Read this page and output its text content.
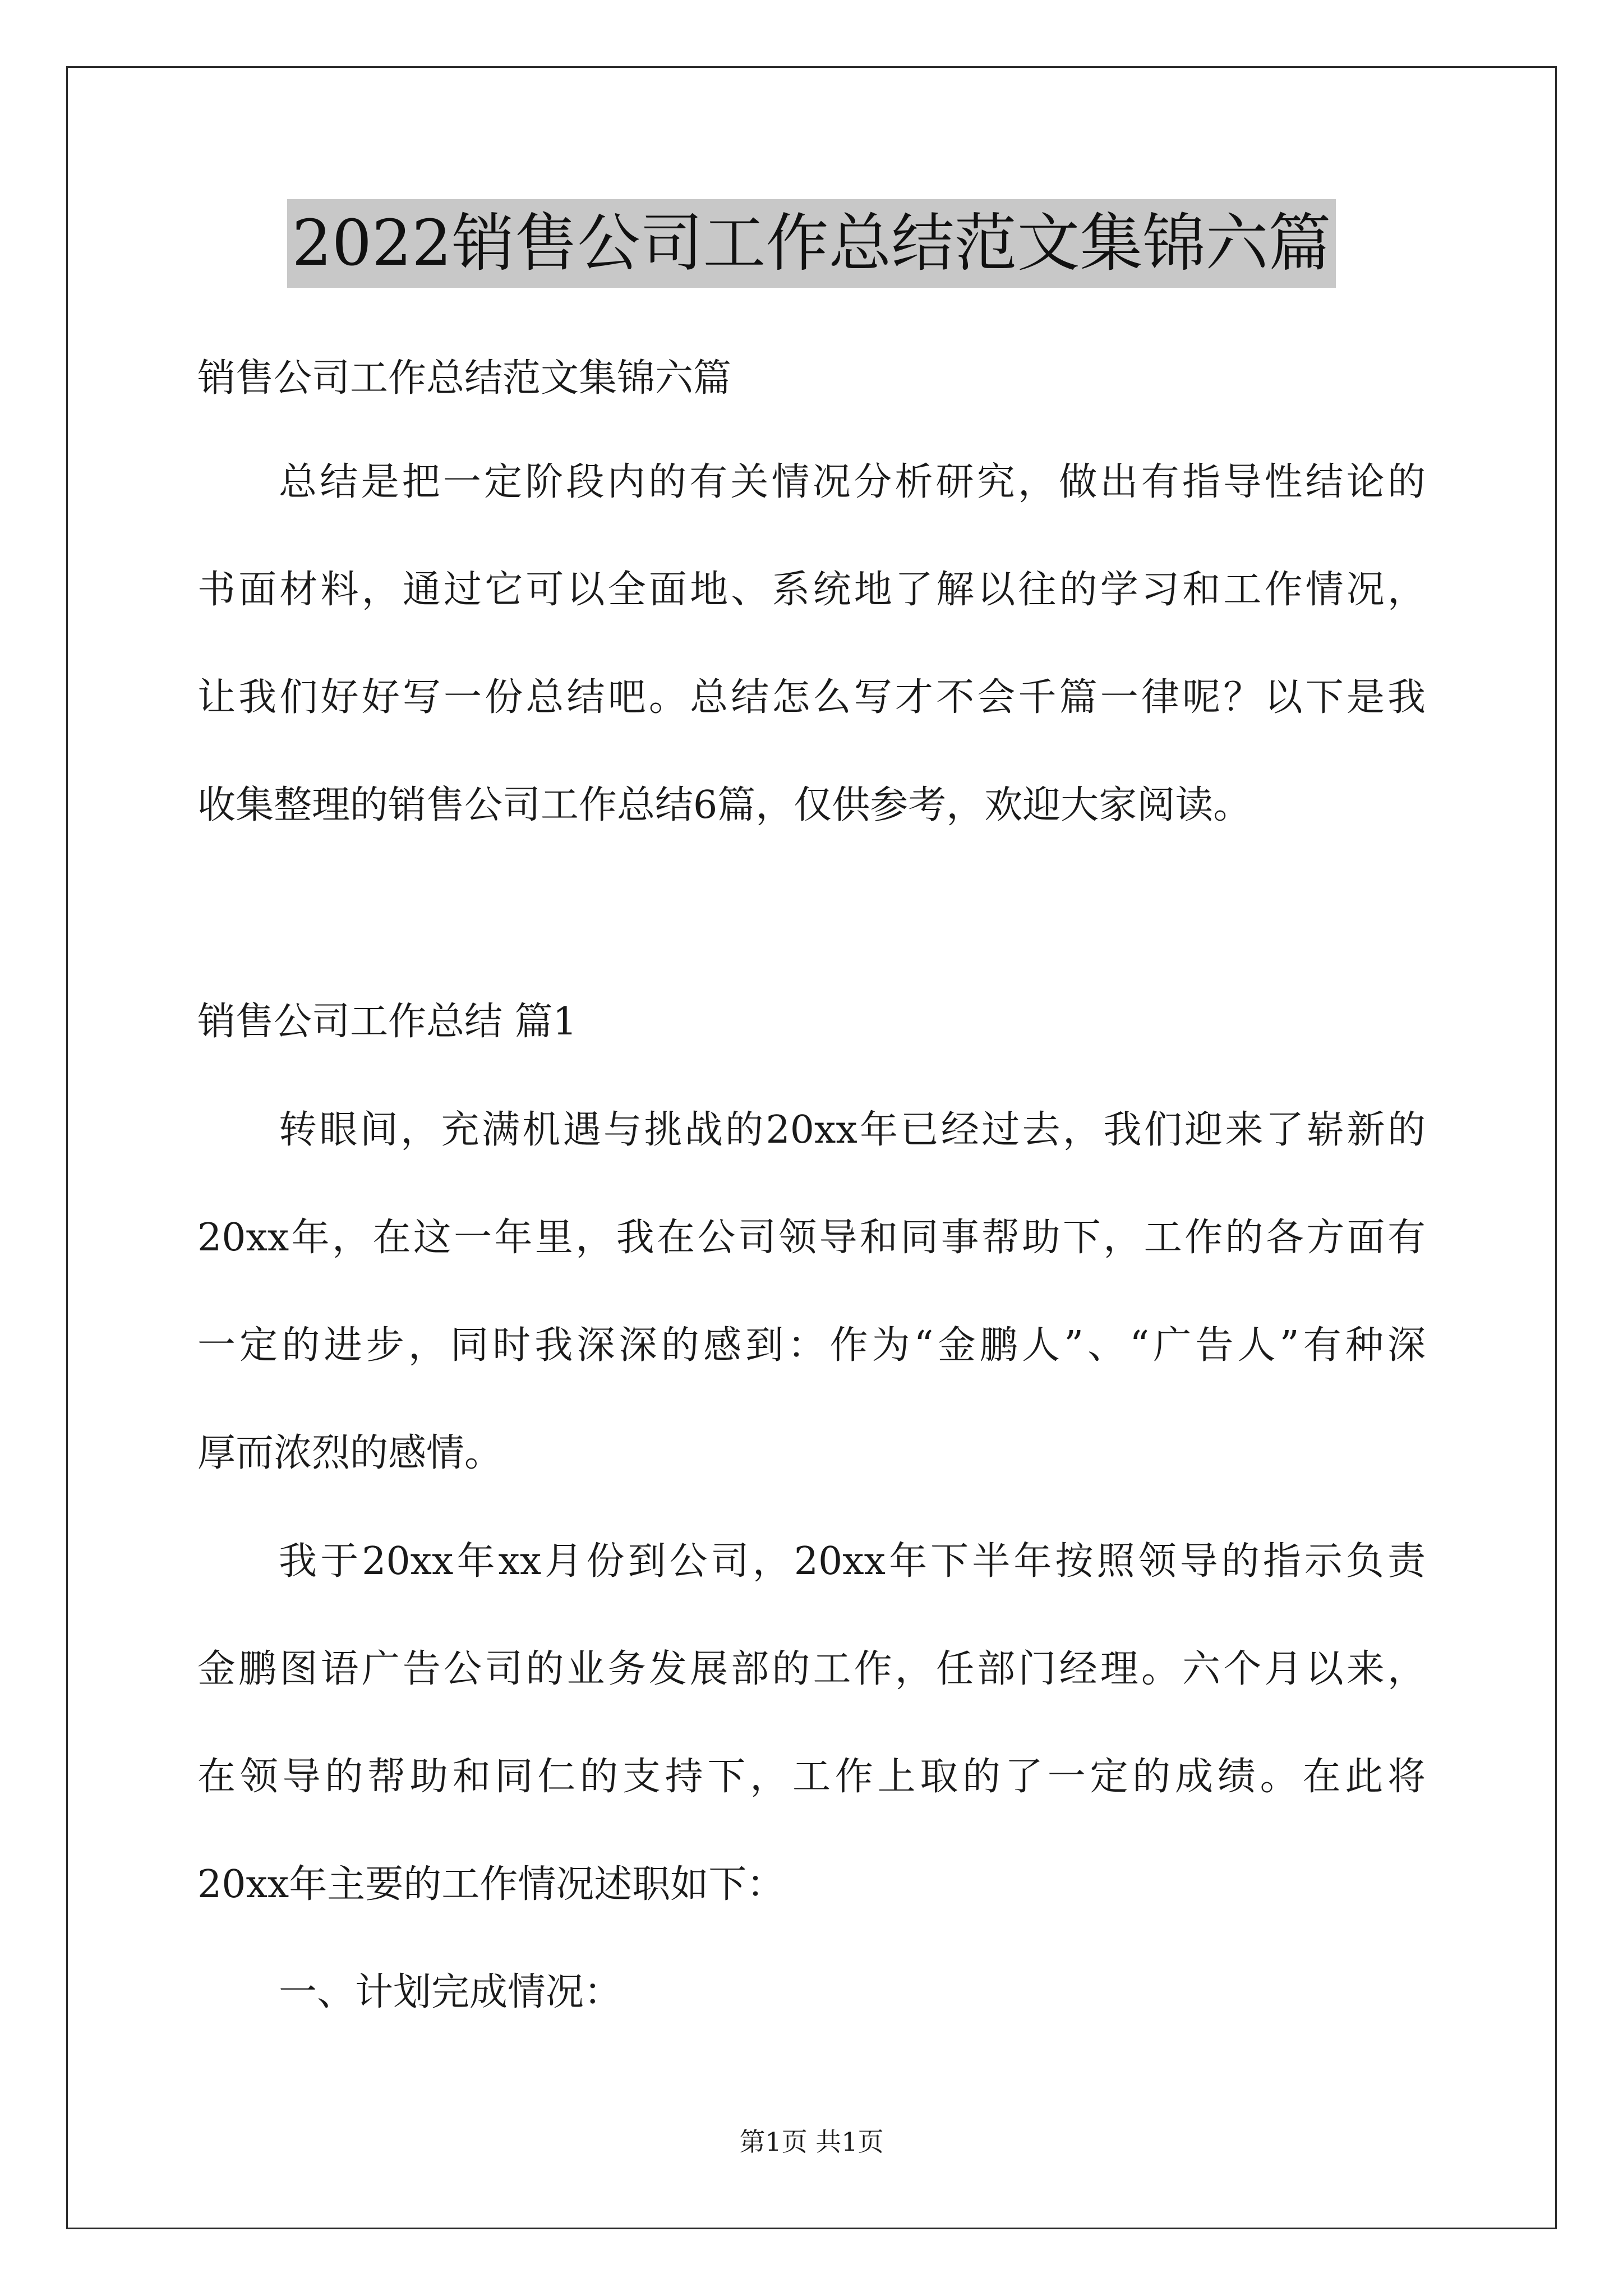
2022销售公司工作总结范文集锦六篇
销售公司工作总结范文集锦六篇
总结是把一定阶段内的有关情况分析研究，做出有指导性结论的
书面材料，通过它可以全面地、系统地了解以往的学习和工作情况，
让我们好好写一份总结吧。总结怎么写才不会千篇一律呢？以下是我
收集整理的销售公司工作总结6篇，仅供参考，欢迎大家阅读。
销售公司工作总结 篇1
转眼间，充满机遇与挑战的20xx年已经过去，我们迎来了崭新的
20xx年，在这一年里，我在公司领导和同事帮助下，工作的各方面有
一定的进步，同时我深深的感到：作为“金鹏人”、“广告人”有种深
厚而浓烈的感情。
我于20xx年xx月份到公司，20xx年下半年按照领导的指示负责
金鹏图语广告公司的业务发展部的工作，任部门经理。六个月以来，
在领导的帮助和同仁的支持下，工作上取的了一定的成绩。在此将
20xx年主要的工作情况述职如下：
一、计划完成情况：
第1页 共1页
